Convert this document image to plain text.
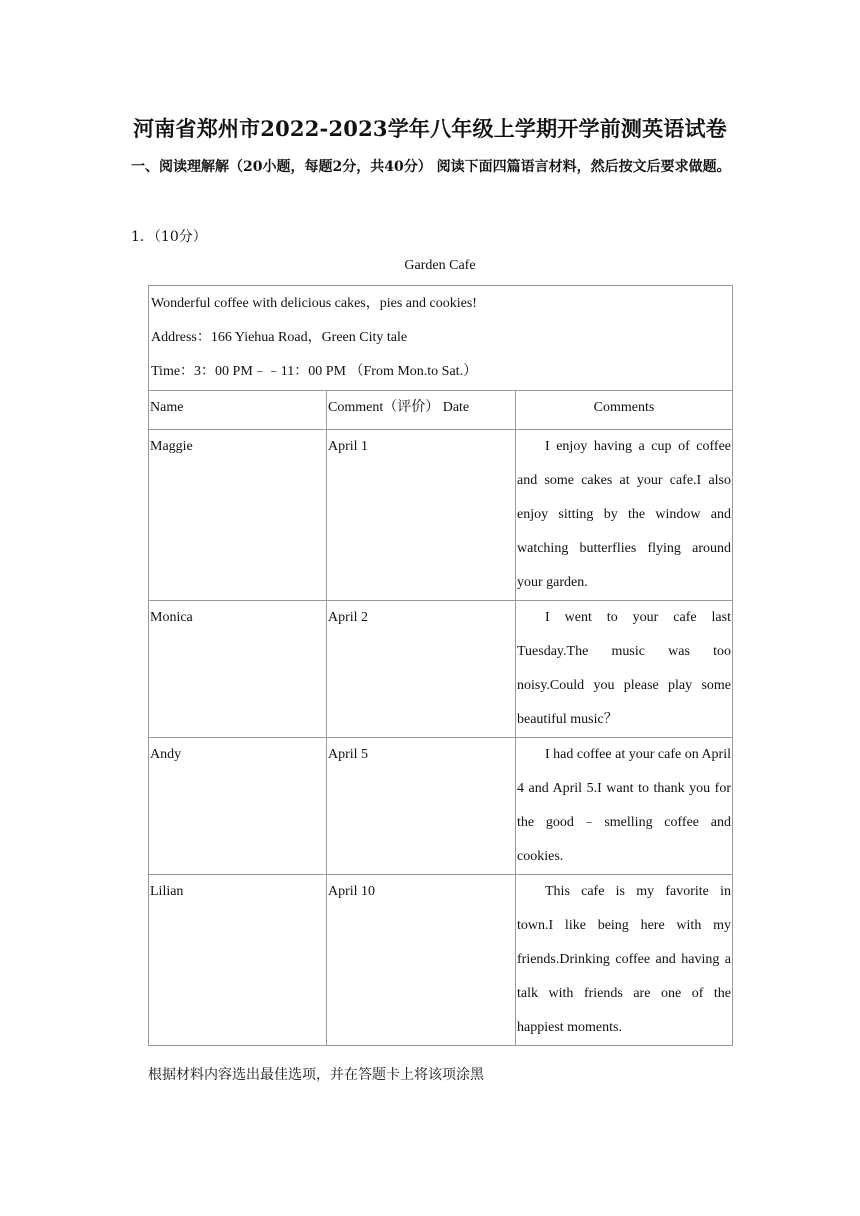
河南省郑州市2022-2023学年八年级上学期开学前测英语试卷
一、阅读理解解（20小题，每题2分，共40分） 阅读下面四篇语言材料，然后按文后要求做题。
1．（10分）
Garden Cafe
Wonderful coffee with delicious cakes，pies and cookies!
Address：166 Yiehua Road，Green City tale
Time：3：00 PM﹣﹣11：00 PM （From Mon.to Sat.）		

Name	Comment（评价） Date	Comments
Maggie	April 1	I enjoy having a cup of coffee and some cakes at your cafe.I also enjoy sitting by the window and watching butterflies flying around your garden.
Monica	April 2	I went to your cafe last Tuesday.The music was too noisy.Could you please play some beautiful music？
Andy	April 5	I had coffee at your cafe on April 4 and April 5.I want to thank you for the good﹣smelling coffee and cookies.
Lilian	April 10	This cafe is my favorite in town.I like being here with my friends.Drinking coffee and having a talk with friends are one of the happiest moments.
根据材料内容选出最佳选项，并在答题卡上将该项涂黑
